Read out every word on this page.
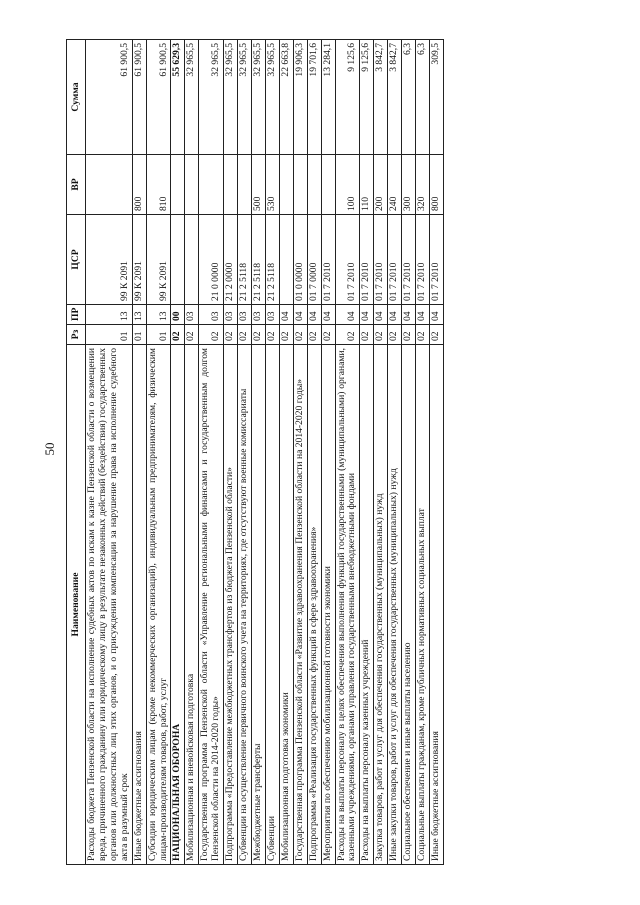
50
Наименование	Рз	ПР	ЦСР	ВР	Сумма
Расходы бюджета Пензенской области на исполнение судебных актов по искам к казне Пензенской области о возмещении вреда, причиненного гражданину или юридическому лицу в результате незаконных действий (бездействия) государственных органов или должностных лиц этих органов, и о присуждении компенсации за нарушение права на исполнение судебного акта в разумный срок	01	13	99 К 2091		61 900,5
Иные бюджетные ассигнования	01	13	99 К 2091	800	61 900,5
Субсидии юридическим лицам (кроме некоммерческих организаций), индивидуальным предпринимателям, физическим лицам-производителям товаров, работ, услуг	01	13	99 К 2091	810	61 900,5
НАЦИОНАЛЬНАЯ ОБОРОНА	02	00			55 629,3
Мобилизационная и вневойсковая подготовка	02	03			32 965,5
Государственная программа Пензенской области «Управление региональными финансами и государственным долгом Пензенской области на 2014-2020 годы»	02	03	21 0 0000		32 965,5
Подпрограмма «Предоставление межбюджетных трансфертов из бюджета Пензенской области»	02	03	21 2 0000		32 965,5
Субвенции на осуществление первичного воинского учета на территориях, где отсутствуют военные комиссариаты	02	03	21 2 5118		32 965,5
Межбюджетные трансферты	02	03	21 2 5118	500	32 965,5
Субвенции	02	03	21 2 5118	530	32 965,5
Мобилизационная подготовка экономики	02	04			22 663,8
Государственная программа Пензенской области «Развитие здравоохранения Пензенской области на 2014-2020 годы»	02	04	01 0 0000		19 906,3
Подпрограмма «Реализация государственных функций в сфере здравоохранения»	02	04	01 7 0000		19 701,6
Мероприятия по обеспечению мобилизационной готовности экономики	02	04	01 7 2010		13 284,1
Расходы на выплаты персоналу в целях обеспечения выполнения функций государственными (муниципальными) органами, казенными учреждениями, органами управления государственными внебюджетными фондами	02	04	01 7 2010	100	9 125,6
Расходы на выплаты персоналу казенных учреждений	02	04	01 7 2010	110	9 125,6
Закупка товаров, работ и услуг для обеспечения государственных (муниципальных) нужд	02	04	01 7 2010	200	3 842,7
Иные закупки товаров, работ и услуг для обеспечения государственных (муниципальных) нужд	02	04	01 7 2010	240	3 842,7
Социальное обеспечение и иные выплаты населению	02	04	01 7 2010	300	6,3
Социальные выплаты гражданам, кроме публичных нормативных социальных выплат	02	04	01 7 2010	320	6,3
Иные бюджетные ассигнования	02	04	01 7 2010	800	309,5
